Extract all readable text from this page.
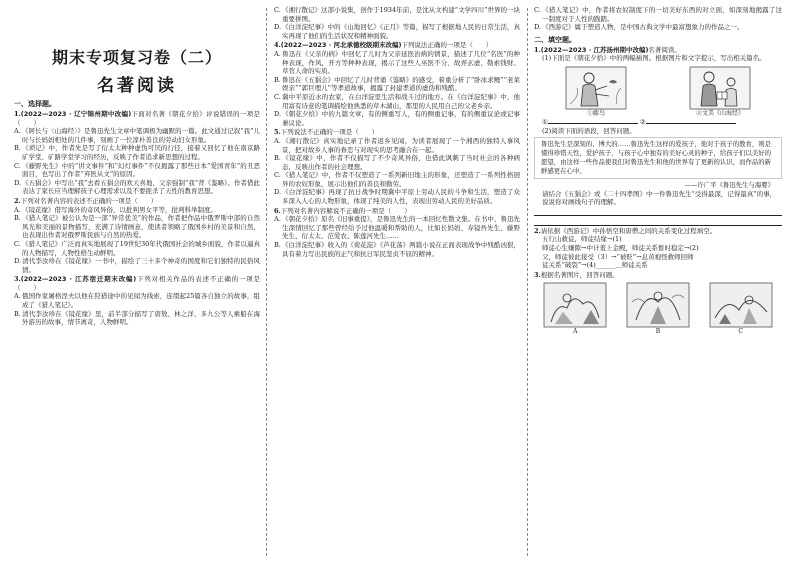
期末专项复习卷（二）
名著阅读
一、选择题。
1.(2022—2023 · 辽宁锦州期中改编)下面对名著《朝花夕拾》评说错误的一项是（　　）
A.《阿长与〈山海经〉》是鲁迅先生文章中笔调极为幽默的一篇。此文通过记叙“我”儿时与长妈妈相处的几件事，刻画了一位淳朴善良的劳动妇女形象。
B.《琐记》中，作者先是写了衍太太种种虚伪可厌的行径，接着又回忆了他在南京路矿学堂、矿路学堂学习的经历，反映了作者追求新思想的过程。
C.《藤野先生》中的“讲文事件”和“幻灯事件”不仅揭露了那些日本“爱国青年”的丑恶面目，也写出了作者“弃医从文”的原因。
D.《五猖会》中写出“我”去看五猖会的欢天喜地，父亲强制“我”背《鉴略》。作者借此表达了家长应当理解孩子心理需求以及不要扼杀了天性的教育思想。
2.下列对名著内容的表述不正确的一项是（　　）
A.《镜花缘》借写海外的奇风异俗，以批判男女平等，批判科举制度。
B.《猎人笔记》被公认为是一部“异常优美”的作品，作者把作品中俄罗斯中部的自然风光和美丽的景物描写，充满了诗情画意，使读者领略了俄国乡村的美景和自然，也表现出作者对俄罗斯民族与自然的热爱。
C.《猎人笔记》广泛而真实地展现了19世纪30年代俄国社会的城乡面貌，作者以逼真的人物描写，人物性格生动鲜明。
D.清代李汝珍在《镜花缘》一书中，描绘了三十多个神奇的国度和它们独特的民俗风情。
3.(2022—2023 · 江苏宿迁期末改编)下列对相关作品的表述不正确的一项是（　　）
A.俄国作家屠格涅夫以他在狩猎途中的见闻为线索，连缀起25篇各自独立的故事，组成了《猎人笔记》。
B.清代李汝珍在《镜花缘》里，前半部分描写了唐敖、林之洋、多九公等人乘船在海外游历的故事，情节离奇，人物鲜明。
C.《湘行散记》这部小说集，创作于1934年前，是沈从文构建“文学四川”世界的一块重要拼图。
D.《白洋淀纪事》中的《山地回忆》《正月》等篇，描写了根据地人民的日常生活，真实再现了他们的生活状况和精神面貌。
4.(2022—2023 · 河北承德校级期末改编)下列说法正确的一项是（　　）
A.鲁迅在《父亲的病》中回忆了儿时为父亲延医治病的情景，描述了几位“名医”的种种表现，作风，开方等种种表现，揭示了这些人巫医不分、故弄玄虚、勒索钱财、草菅人命的实质。
B.鲁迅在《五猖会》中回忆了儿时背诵《鉴略》的感受，着重分析了“卧冰求鲤”“老莱娱亲”“郭巨埋儿”等孝道故事，揭露了封建孝道的虚伪和残酷。
C.冀中平原近水的农家，在白洋淀里生活和战斗过的地方。在《白洋淀纪事》中，他用富有诗意的笔调描绘他熟悉的草木湖山，那里的人民用自己的父老乡亲。
D.《朝花夕拾》中的九篇文章，有的侧重写人，有的侧重记事，有的侧重议论或记事兼议论。
5.下列说法不正确的一项是（　　）
A.《湘行散记》真实地记录了作者返乡见闻，为读者展现了一个湘西的独特人事风景，把对故乡人事的眷恋与对现实的思考融合在一起。
B.《镜花缘》中，作者不仅描写了不少奇风异俗，也借此讽刺了当时社会的各种病态，反映出作者的社会理想。
C.《猎人笔记》中，作者不仅塑造了一系列新旧地主的形象，还塑造了一系列性格迥异的农奴形象，展示出他们的善良和勤劳。
D.《白洋淀纪事》再现了抗日战争时期冀中平原上劳动人民的斗争和生活，塑造了众多深入人心的人物形象，体现了纯美的人性，表现出劳动人民的美好品质。
6.下列对名著内容解说不正确的一项是（　　）
A.《朝花夕拾》原名《旧事重提》，是鲁迅先生的一本回忆性散文集。在书中，鲁迅先生深情回忆了那些曾经给予过他温暖和帮助的人，比如长妈妈、寿镜吾先生、藤野先生、衍太太、范爱农、陈莲河先生……
B.《白洋淀纪事》收入的《荷花淀》《芦花荡》两篇小说在正面表现战争中残酷凶狠，具有着力写出民族的正气和抗日军民坚贞不屈的精神。
C.《猎人笔记》中，作者将农奴制度下的一切美好东西的对立面，如深刻地揭露了这一制度对于人性的践踏。
D.《西游记》属于塑造人物，是中国古典文学中最富想象力的作品之一。
二、填空题。
1.(2022—2023 · 江苏扬州期中改编)名著阅读。
(1)下面是《朝花夕拾》中的两幅插图。根据图片和文字提示，写出相关篇名。
①藤鸟	②文美《山海经》
①	②
(2)阅读下面的语段，回答问题。
鲁迅先生是深刻的、博大的……鲁迅先生这样的爱孩子，他对于孩子的教育，则是懂得珍惜天性，爱护孩子，与孩子心中独有的美好心灵的种子，给孩子们以美好的愿望，由这样一些作品使我们对鲁迅先生和他的世界有了更新的认识，而作品的新鲜感更在心中。
——许广平《鲁迅先生与海婴》
请结合《五猖会》或《二十四孝图》中一件鲁迅先生“受得最深，记得最真”的事，说说你对画线句子的理解。
2.请依据《西游记》中孙悟空和唐僧之间的关系变化过程填空。
五行山救徒，师徒结缘→(1)
师徒心生嫌隙→中计羞上金殿，师徒关系暂时稳定→(2)
父，师徒彼此接受（3）→“被贬”→息黄袍怪救师回师
徒关系“破裂”→(4)______＿师徒关系
3.根据名著图片，回答问题。
A	B	C
